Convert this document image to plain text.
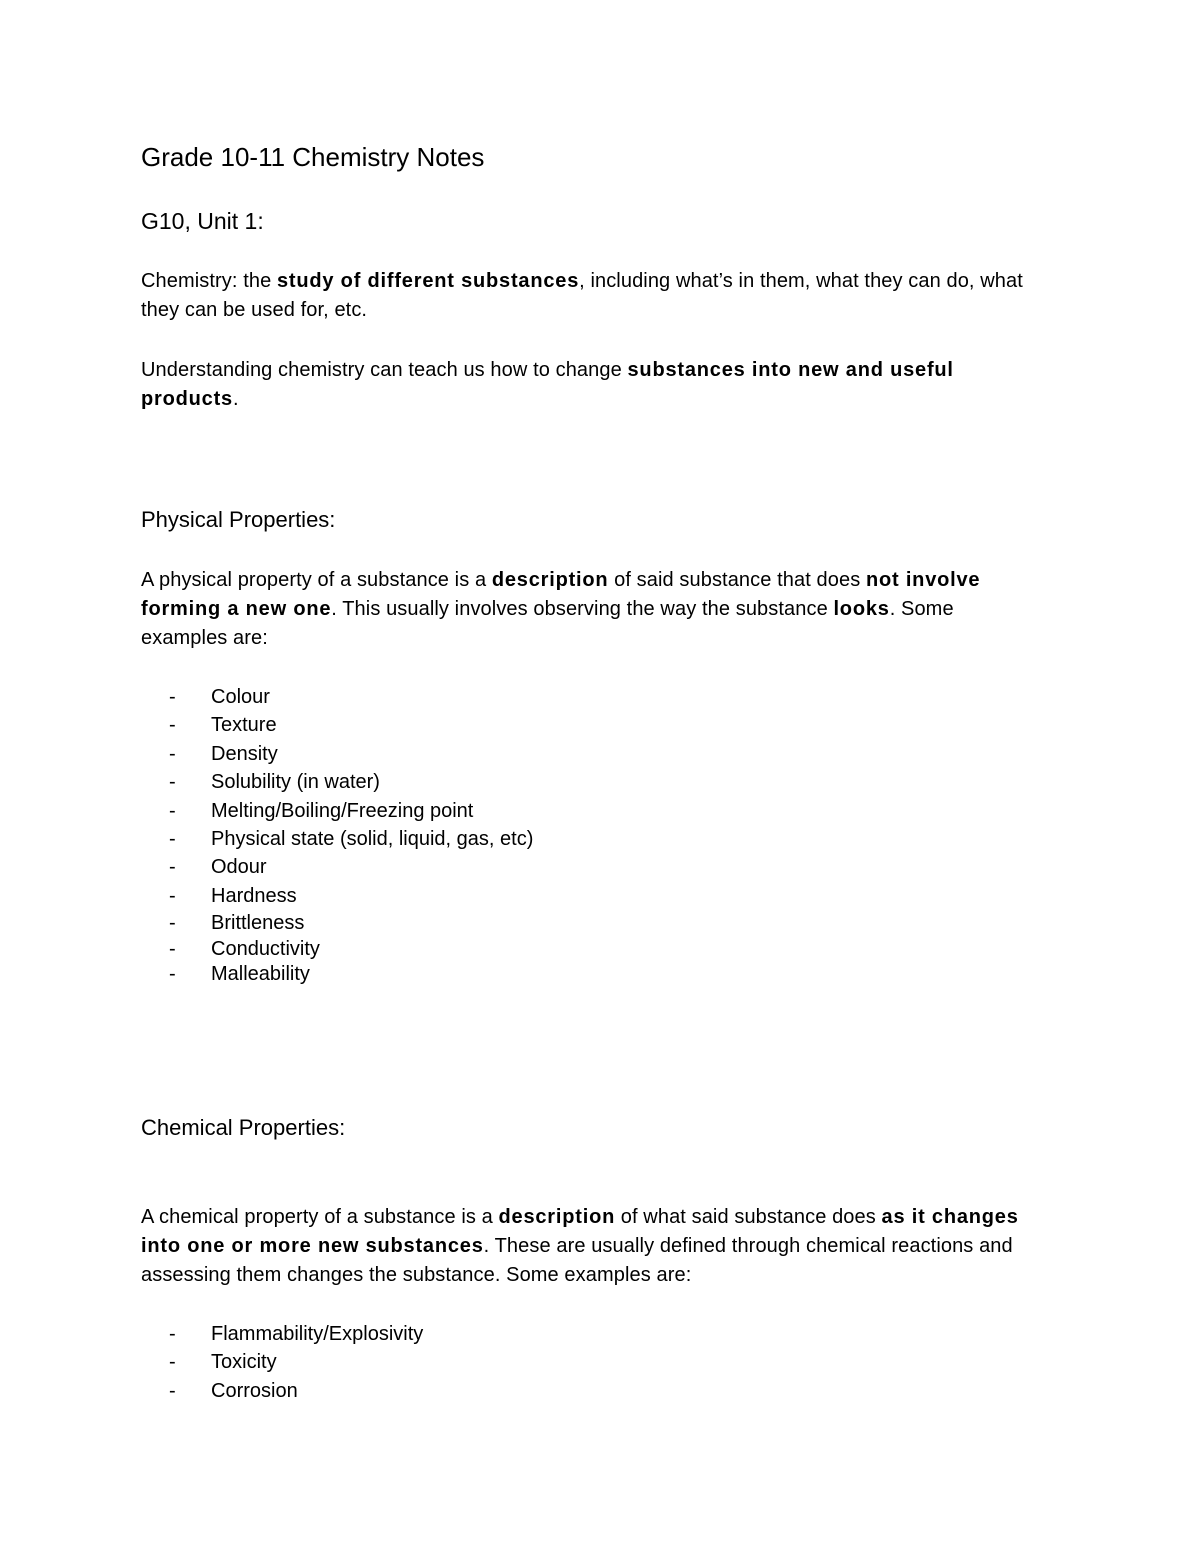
Grade 10-11 Chemistry Notes
G10, Unit 1:

Chemistry: the study of different substances, including what’s in them, what they can do, what they can be used for, etc.

Understanding chemistry can teach us how to change substances into new and useful products.

Physical Properties:

A physical property of a substance is a description of said substance that does not involve forming a new one. This usually involves observing the way the substance looks. Some examples are:

- Colour
- Texture
- Density
- Solubility (in water)
- Melting/Boiling/Freezing point
- Physical state (solid, liquid, gas, etc)
- Odour
- Hardness
- Brittleness
- Conductivity
- Malleability
Chemical Properties:

A chemical property of a substance is a description of what said substance does as it changes into one or more new substances. These are usually defined through chemical reactions and assessing them changes the substance. Some examples are:

- Flammability/Explosivity
- Toxicity
- Corrosion
